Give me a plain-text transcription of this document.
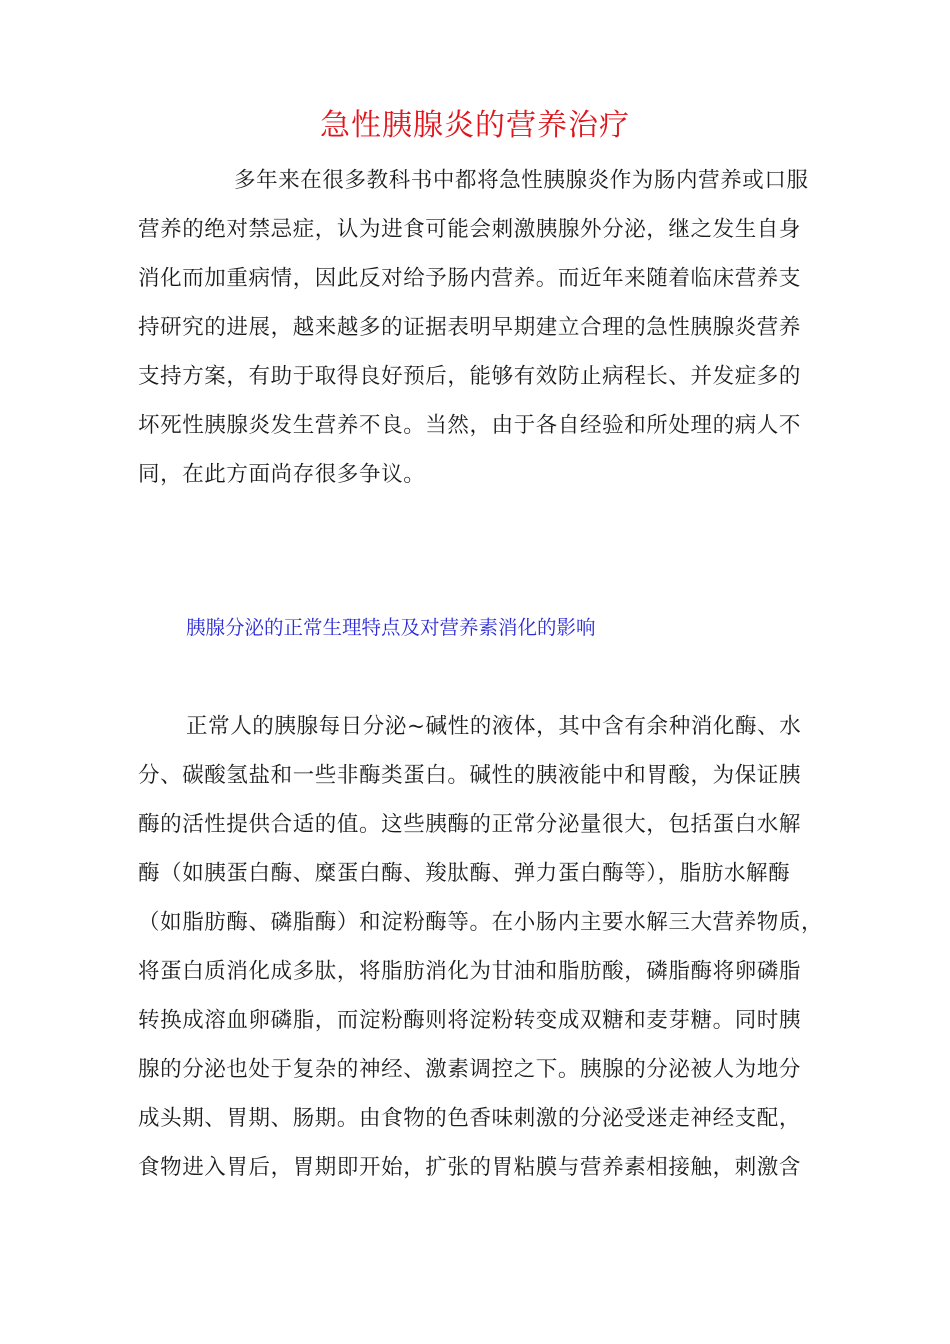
急性胰腺炎的营养治疗
多年来在很多教科书中都将急性胰腺炎作为肠内营养或口服
营养的绝对禁忌症，认为进食可能会刺激胰腺外分泌，继之发生自身
消化而加重病情，因此反对给予肠内营养。而近年来随着临床营养支
持研究的进展，越来越多的证据表明早期建立合理的急性胰腺炎营养
支持方案，有助于取得良好预后，能够有效防止病程长、并发症多的
坏死性胰腺炎发生营养不良。当然，由于各自经验和所处理的病人不
同，在此方面尚存很多争议。
胰腺分泌的正常生理特点及对营养素消化的影响
正常人的胰腺每日分泌~碱性的液体，其中含有余种消化酶、水
分、碳酸氢盐和一些非酶类蛋白。碱性的胰液能中和胃酸，为保证胰
酶的活性提供合适的值。这些胰酶的正常分泌量很大，包括蛋白水解
酶（如胰蛋白酶、糜蛋白酶、羧肽酶、弹力蛋白酶等），脂肪水解酶
（如脂肪酶、磷脂酶）和淀粉酶等。在小肠内主要水解三大营养物质，
将蛋白质消化成多肽，将脂肪消化为甘油和脂肪酸，磷脂酶将卵磷脂
转换成溶血卵磷脂，而淀粉酶则将淀粉转变成双糖和麦芽糖。同时胰
腺的分泌也处于复杂的神经、激素调控之下。胰腺的分泌被人为地分
成头期、胃期、肠期。由食物的色香味刺激的分泌受迷走神经支配，
食物进入胃后，胃期即开始，扩张的胃粘膜与营养素相接触，刺激含
